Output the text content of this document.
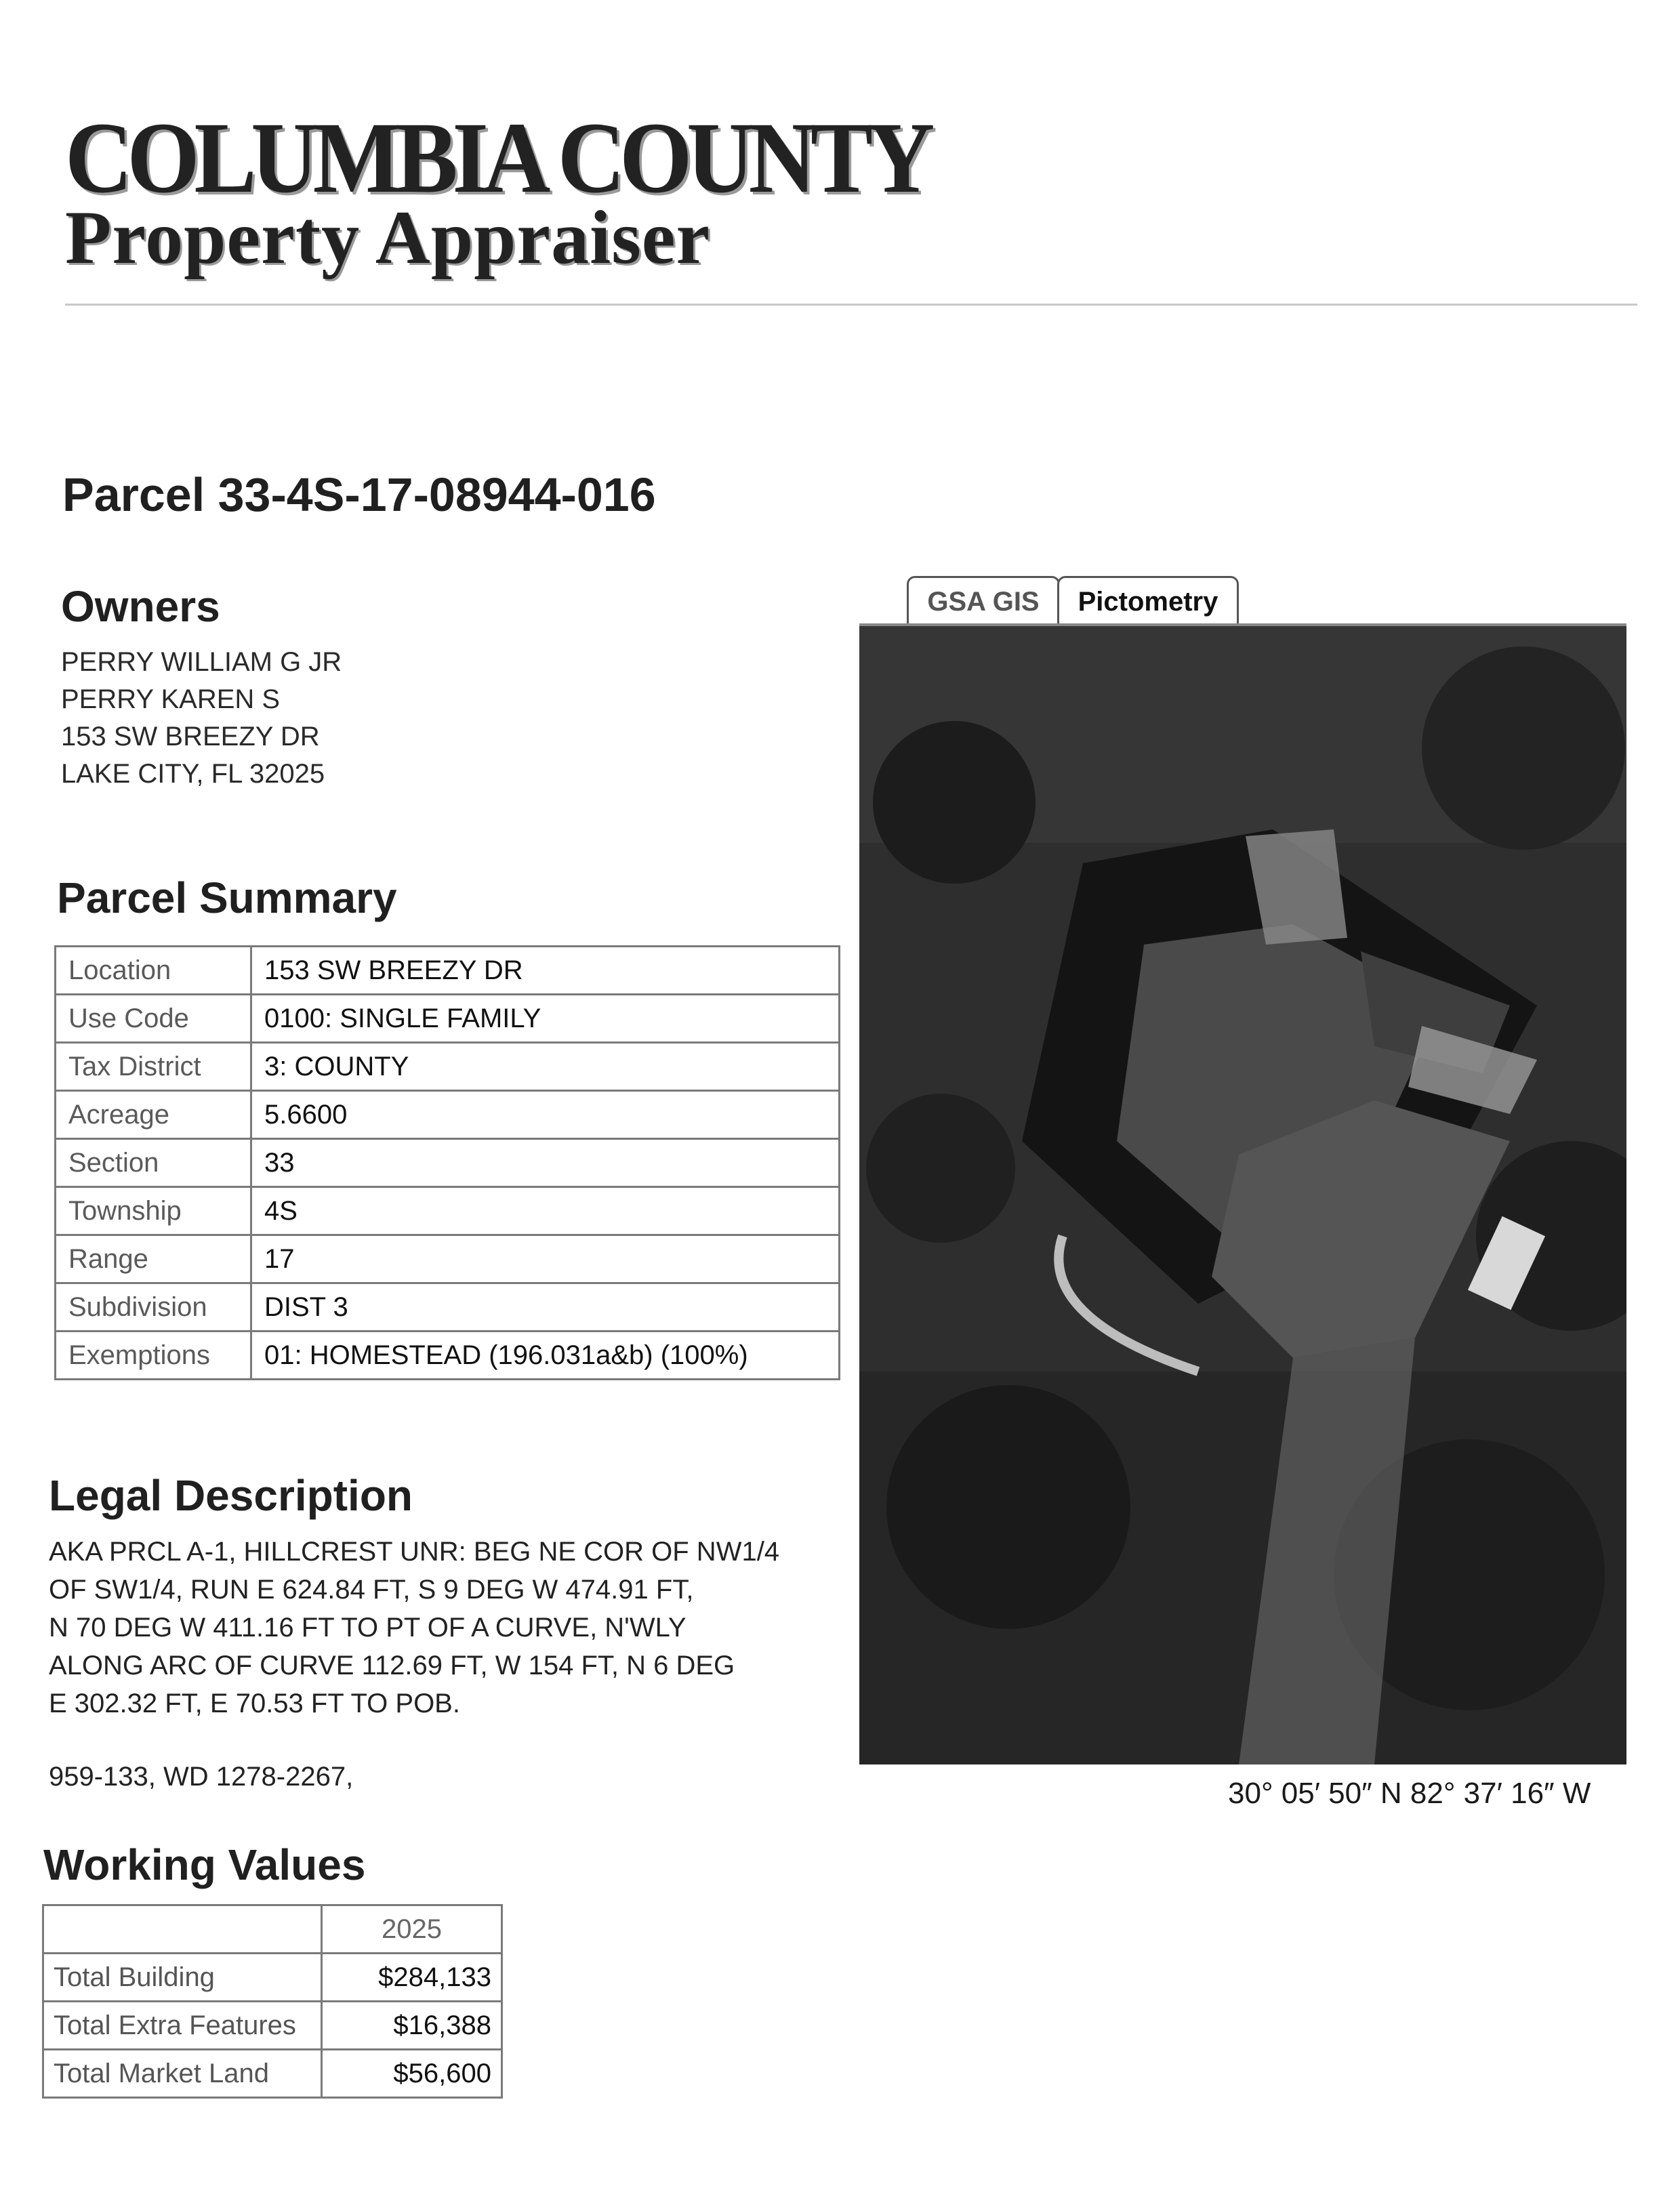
COLUMBIA COUNTY
Property Appraiser
Parcel 33-4S-17-08944-016
Owners
PERRY WILLIAM G JR
PERRY KAREN S
153 SW BREEZY DR
LAKE CITY, FL 32025
Parcel Summary
Location	153 SW BREEZY DR
Use Code	0100: SINGLE FAMILY
Tax District	3: COUNTY
Acreage	5.6600
Section	33
Township	4S
Range	17
Subdivision	DIST 3
Exemptions	01: HOMESTEAD (196.031a&b) (100%)
Legal Description
AKA PRCL A-1, HILLCREST UNR: BEG NE COR OF NW1/4
OF SW1/4, RUN E 624.84 FT, S 9 DEG W 474.91 FT,
N 70 DEG W 411.16 FT TO PT OF A CURVE, N'WLY
ALONG ARC OF CURVE 112.69 FT, W 154 FT, N 6 DEG
E 302.32 FT, E 70.53 FT TO POB.
959-133, WD 1278-2267,
Working Values
	2025
Total Building	$284,133
Total Extra Features	$16,388
Total Market Land	$56,600
GSA GIS	Pictometry
30° 05′ 50″ N 82° 37′ 16″ W
